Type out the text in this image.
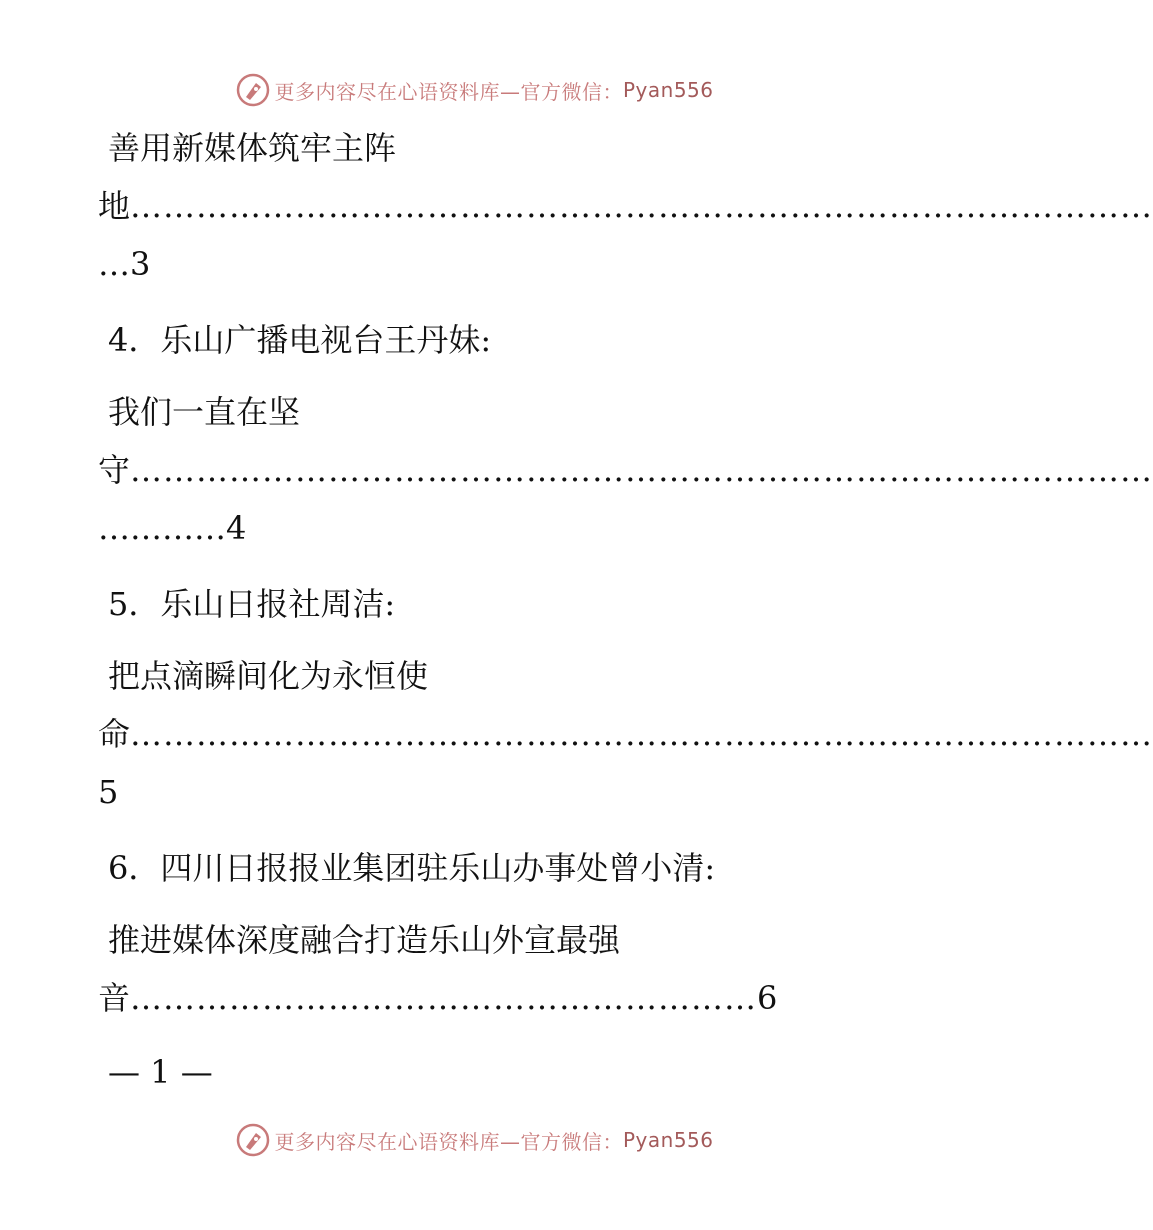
更多内容尽在心语资料库—官方微信： Pyan556
善用新媒体筑牢主阵
地…………………………………………………………………………………
…3
4．乐山广播电视台王丹妹:
我们一直在坚
守…………………………………………………………………………………
…………4
5．乐山日报社周洁:
把点滴瞬间化为永恒使
命…………………………………………………………………………………
5
6．四川日报报业集团驻乐山办事处曾小清:
推进媒体深度融合打造乐山外宣最强
音…………………………………………………6
— 1 —
更多内容尽在心语资料库—官方微信： Pyan556
